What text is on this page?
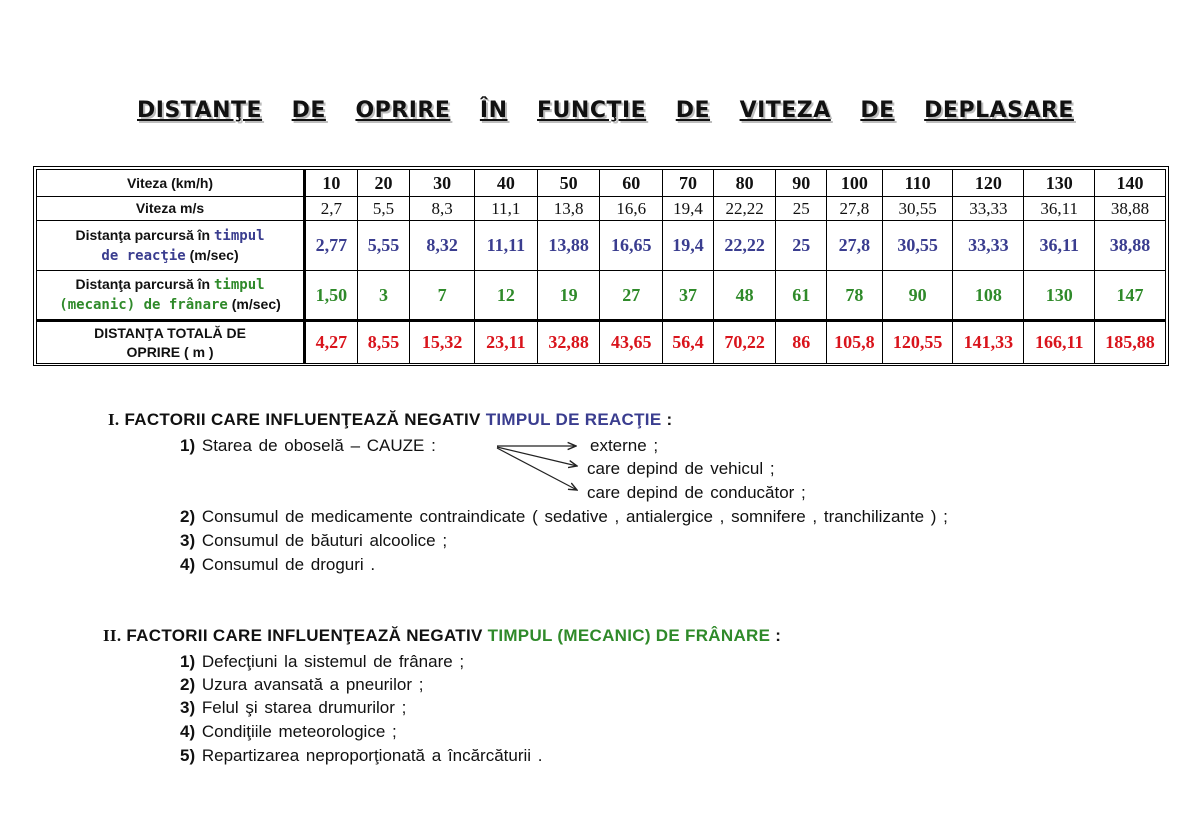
DISTANŢE DE OPRIRE ÎN FUNCŢIE DE VITEZA DE DEPLASARE
Viteza (km/h)	10	20	30	40	50	60	70	80	90	100	110	120	130	140
Viteza m/s	2,7	5,5	8,3	11,1	13,8	16,6	19,4	22,22	25	27,8	30,55	33,33	36,11	38,88
Distanţa parcursă în timpul
de reacţie (m/sec)	2,77	5,55	8,32	11,11	13,88	16,65	19,4	22,22	25	27,8	30,55	33,33	36,11	38,88
Distanţa parcursă în timpul
(mecanic) de frânare (m/sec)	1,50	3	7	12	19	27	37	48	61	78	90	108	130	147
DISTANŢA TOTALĂ DE
OPRIRE ( m )	4,27	8,55	15,32	23,11	32,88	43,65	56,4	70,22	86	105,8	120,55	141,33	166,11	185,88
I. FACTORII CARE INFLUENŢEAZĂ NEGATIV TIMPUL DE REACŢIE :
1) Starea de oboselă – CAUZE :	externe ;
care depind de vehicul ;
care depind de conducător ;
2) Consumul de medicamente contraindicate ( sedative , antialergice , somnifere , tranchilizante ) ;
3) Consumul de băuturi alcoolice ;
4) Consumul de droguri .
II. FACTORII CARE INFLUENŢEAZĂ NEGATIV TIMPUL (MECANIC) DE FRÂNARE :
1) Defecţiuni la sistemul de frânare ;
2) Uzura avansată a pneurilor ;
3) Felul şi starea drumurilor ;
4) Condiţiile meteorologice ;
5) Repartizarea neproporţionată a încărcăturii .
